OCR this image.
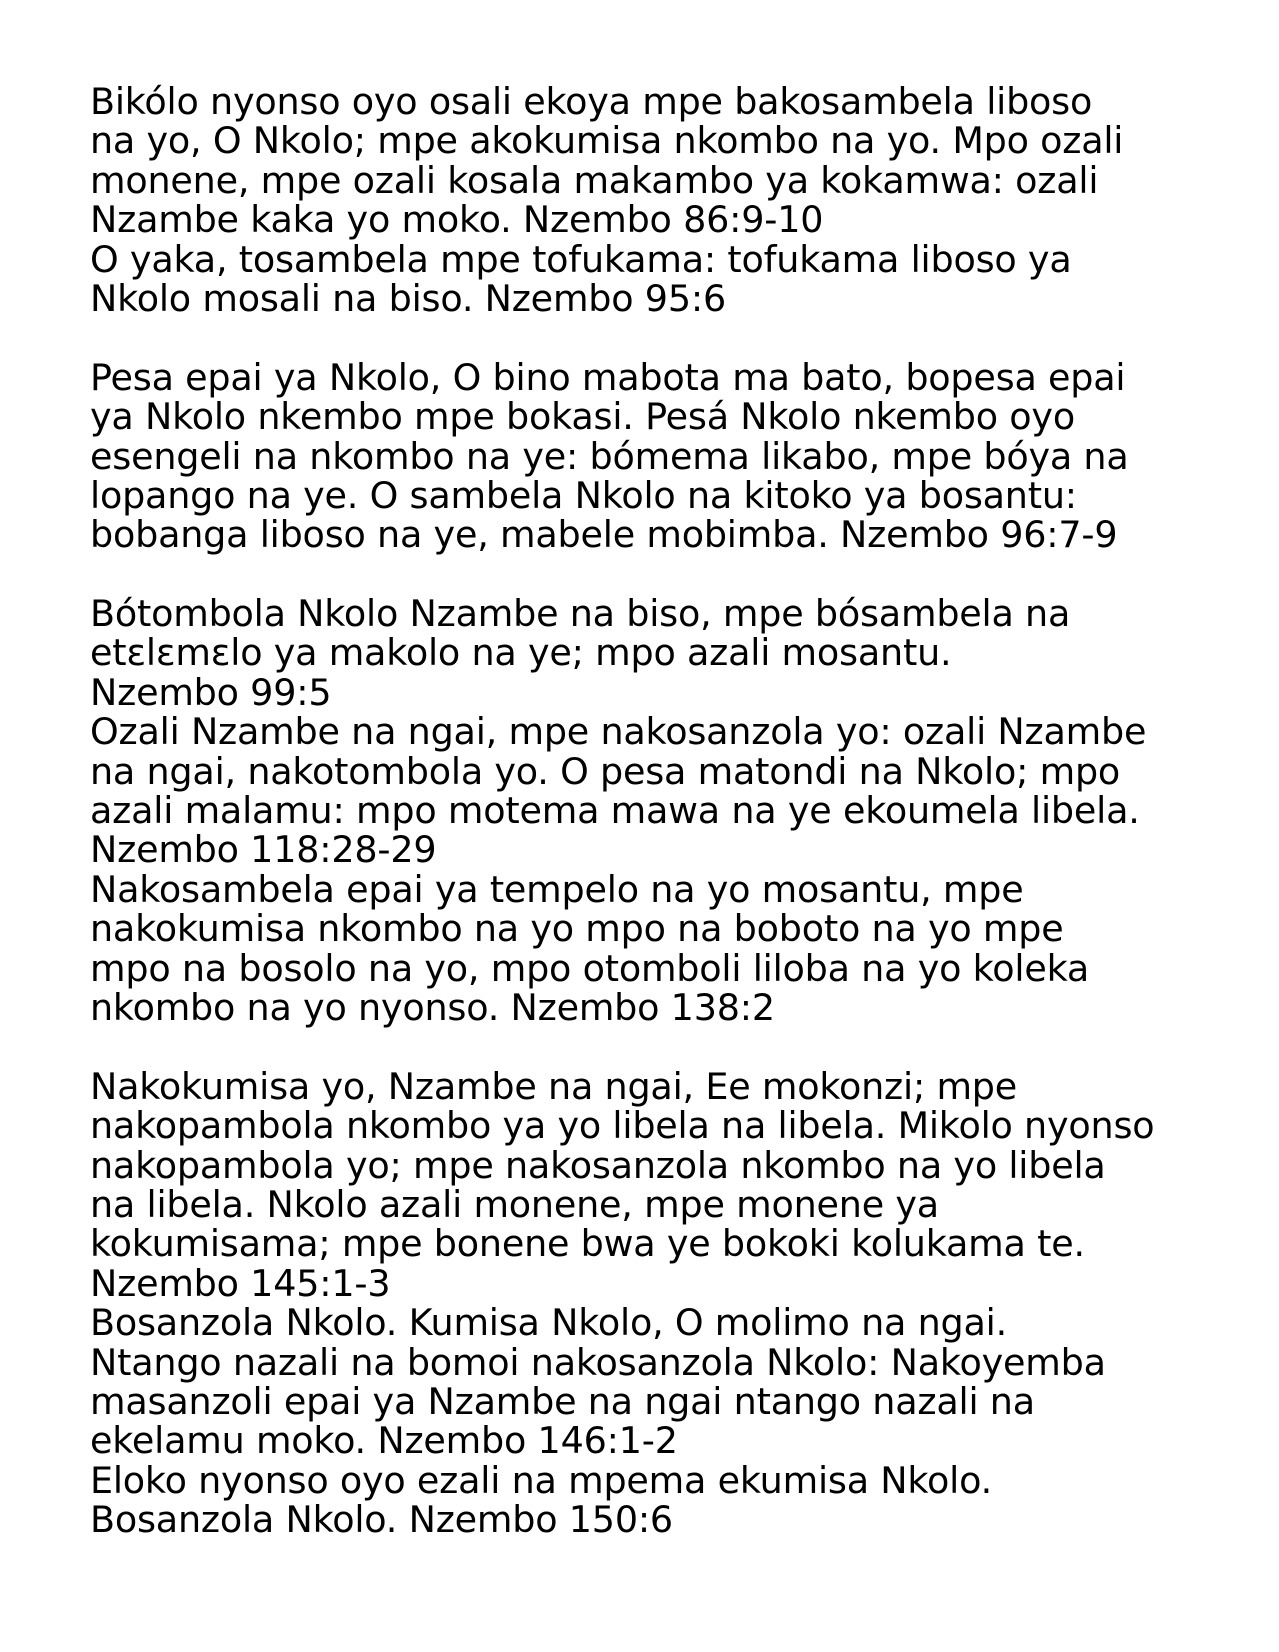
Bikólo nyonso oyo osali ekoya mpe bakosambela liboso
na yo, O Nkolo; mpe akokumisa nkombo na yo. Mpo ozali
monene, mpe ozali kosala makambo ya kokamwa: ozali
Nzambe kaka yo moko. Nzembo 86:9-10
O yaka, tosambela mpe tofukama: tofukama liboso ya
Nkolo mosali na biso. Nzembo 95:6
Pesa epai ya Nkolo, O bino mabota ma bato, bopesa epai
ya Nkolo nkembo mpe bokasi. Pesá Nkolo nkembo oyo
esengeli na nkombo na ye: bómema likabo, mpe bóya na
lopango na ye. O sambela Nkolo na kitoko ya bosantu:
bobanga liboso na ye, mabele mobimba. Nzembo 96:7-9
Bótombola Nkolo Nzambe na biso, mpe bósambela na
etɛlɛmɛlo ya makolo na ye; mpo azali mosantu.
Nzembo 99:5
Ozali Nzambe na ngai, mpe nakosanzola yo: ozali Nzambe
na ngai, nakotombola yo. O pesa matondi na Nkolo; mpo
azali malamu: mpo motema mawa na ye ekoumela libela.
Nzembo 118:28-29
Nakosambela epai ya tempelo na yo mosantu, mpe
nakokumisa nkombo na yo mpo na boboto na yo mpe
mpo na bosolo na yo, mpo otomboli liloba na yo koleka
nkombo na yo nyonso. Nzembo 138:2
Nakokumisa yo, Nzambe na ngai, Ee mokonzi; mpe
nakopambola nkombo ya yo libela na libela. Mikolo nyonso
nakopambola yo; mpe nakosanzola nkombo na yo libela
na libela. Nkolo azali monene, mpe monene ya
kokumisama; mpe bonene bwa ye bokoki kolukama te.
Nzembo 145:1-3
Bosanzola Nkolo. Kumisa Nkolo, O molimo na ngai.
Ntango nazali na bomoi nakosanzola Nkolo: Nakoyemba
masanzoli epai ya Nzambe na ngai ntango nazali na
ekelamu moko. Nzembo 146:1-2
Eloko nyonso oyo ezali na mpema ekumisa Nkolo.
Bosanzola Nkolo. Nzembo 150:6
